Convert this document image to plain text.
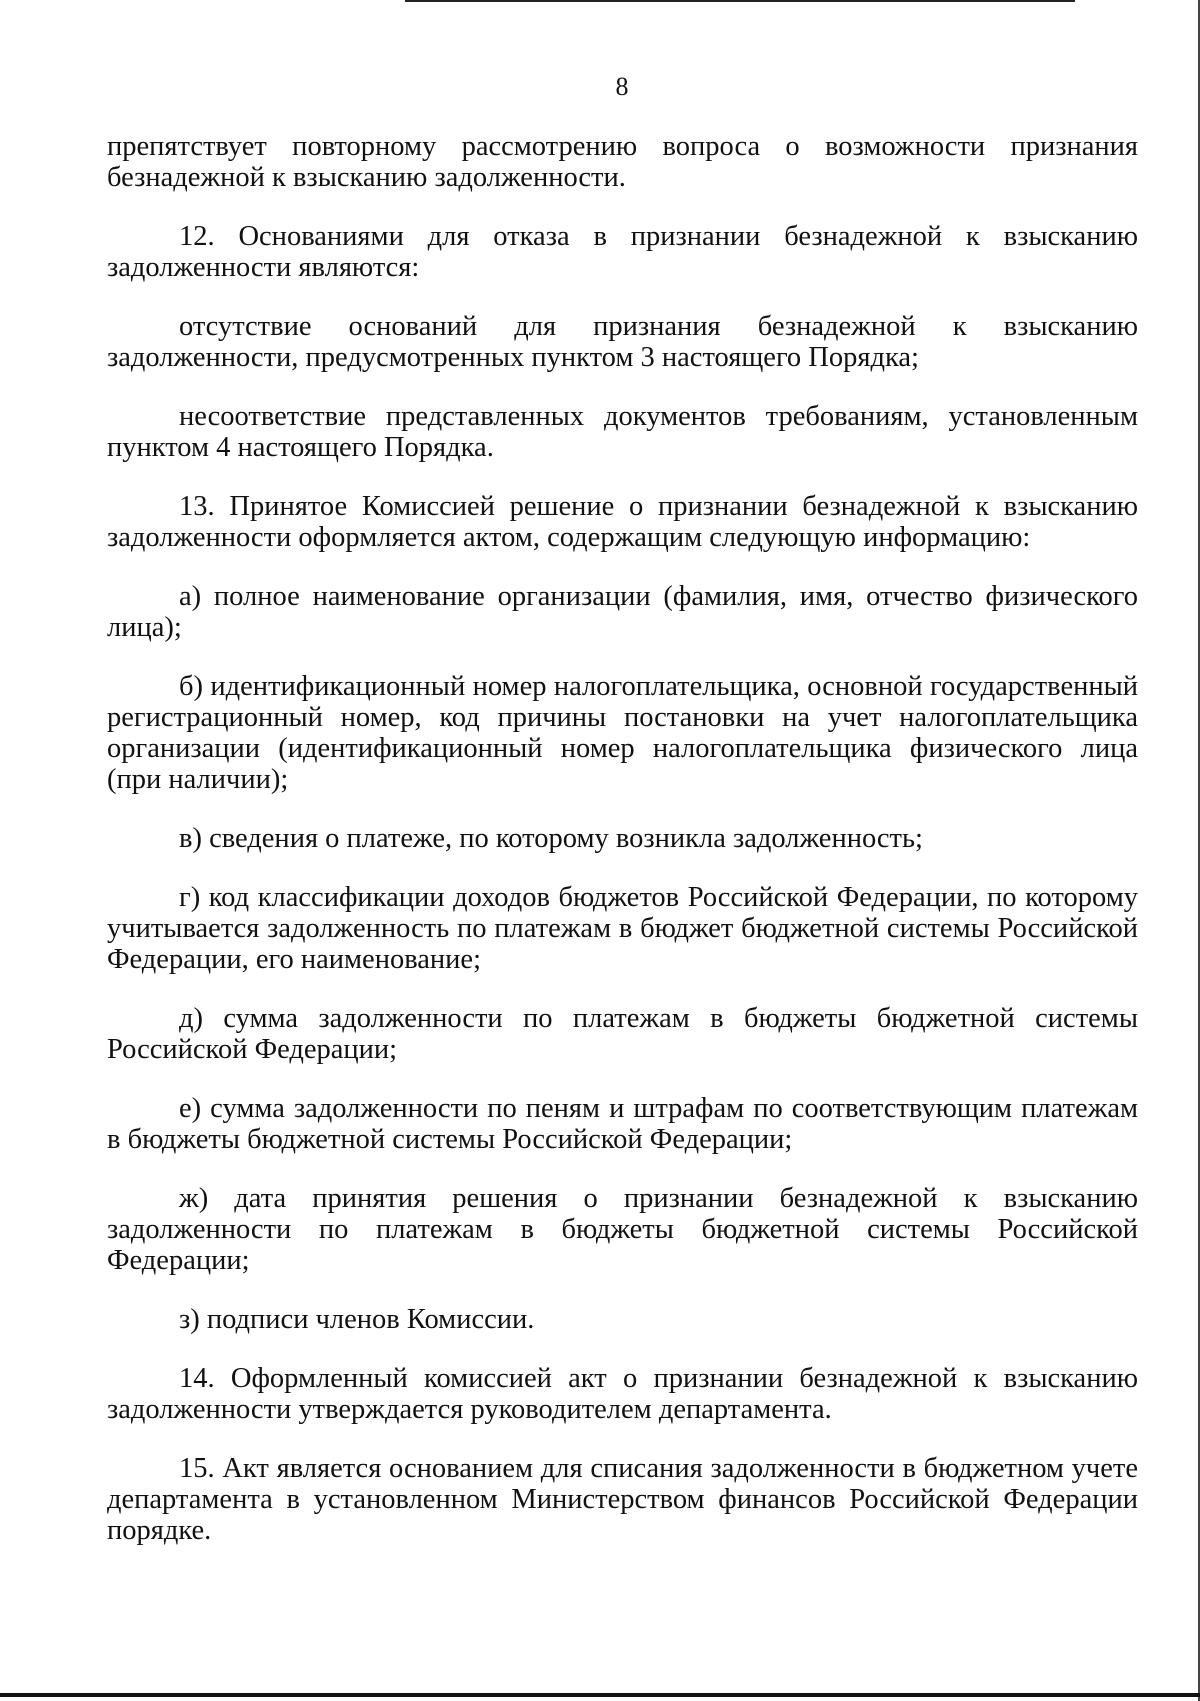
8

препятствует повторному рассмотрению вопроса о возможности признания безнадежной к взысканию задолженности.

12. Основаниями для отказа в признании безнадежной к взысканию задолженности являются:

отсутствие оснований для признания безнадежной к взысканию задолженности, предусмотренных пунктом 3 настоящего Порядка;

несоответствие представленных документов требованиям, установленным пунктом 4 настоящего Порядка.

13. Принятое Комиссией решение о признании безнадежной к взысканию задолженности оформляется актом, содержащим следующую информацию:

а) полное наименование организации (фамилия, имя, отчество физического лица);

б) идентификационный номер налогоплательщика, основной государственный регистрационный номер, код причины постановки на учет налогоплательщика организации (идентификационный номер налогоплательщика физического лица (при наличии);

в) сведения о платеже, по которому возникла задолженность;

г) код классификации доходов бюджетов Российской Федерации, по которому учитывается задолженность по платежам в бюджет бюджетной системы Российской Федерации, его наименование;

д) сумма задолженности по платежам в бюджеты бюджетной системы Российской Федерации;

е) сумма задолженности по пеням и штрафам по соответствующим платежам в бюджеты бюджетной системы Российской Федерации;

ж) дата принятия решения о признании безнадежной к взысканию задолженности по платежам в бюджеты бюджетной системы Российской Федерации;

з) подписи членов Комиссии.

14. Оформленный комиссией акт о признании безнадежной к взысканию задолженности утверждается руководителем департамента.

15. Акт является основанием для списания задолженности в бюджетном учете департамента в установленном Министерством финансов Российской Федерации порядке.
